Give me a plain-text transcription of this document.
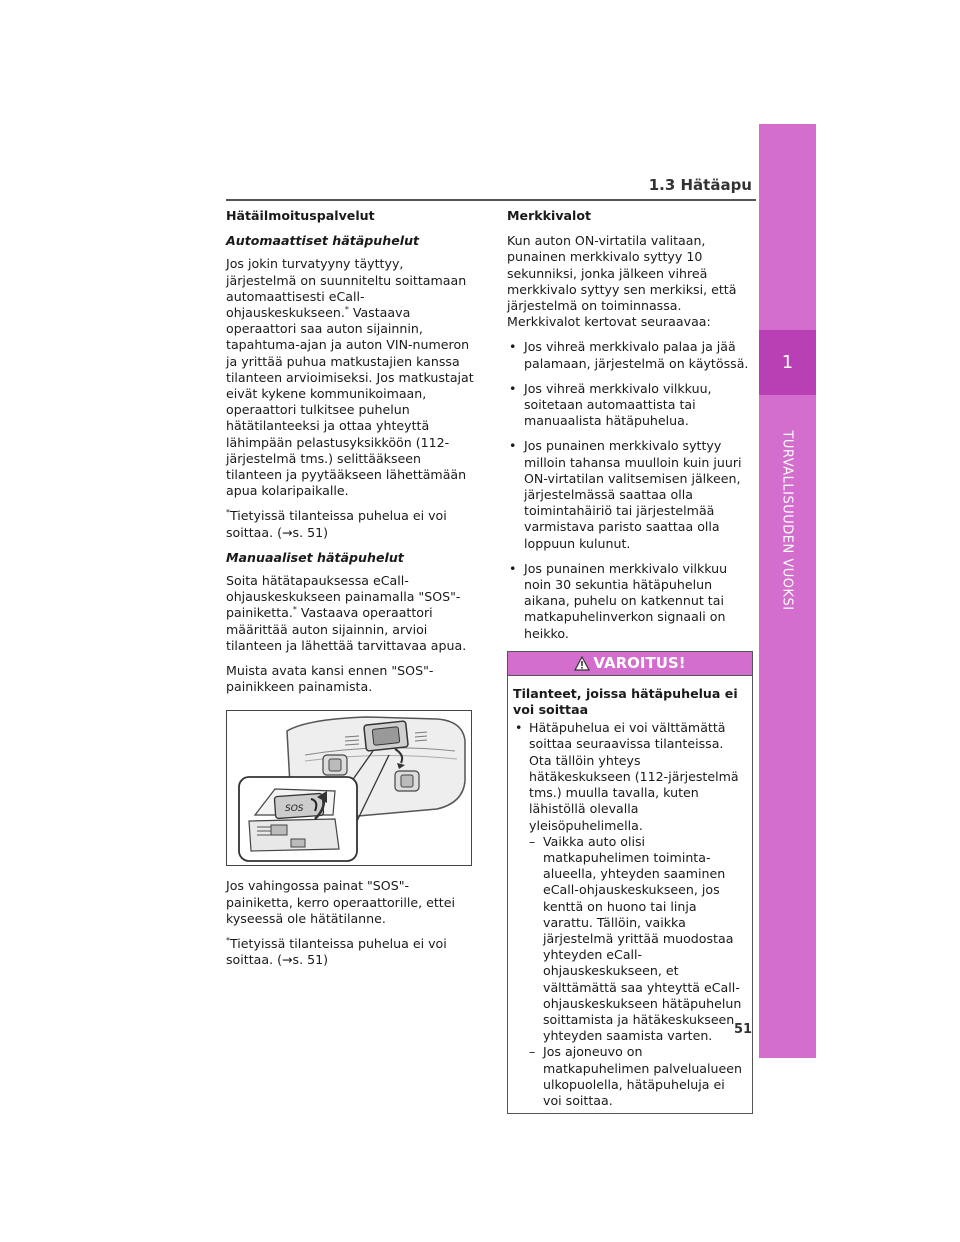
1.3 Hätäapu
1
TURVALLISUUDEN VUOKSI
Hätäilmoituspalvelut
Automaattiset hätäpuhelut

Jos jokin turvatyyny täyttyy, järjestelmä on suunniteltu soittamaan automaattisesti eCall-ohjauskeskukseen.* Vastaava operaattori saa auton sijainnin, tapahtuma-ajan ja auton VIN-numeron ja yrittää puhua matkustajien kanssa tilanteen arvioimiseksi. Jos matkustajat eivät kykene kommunikoimaan, operaattori tulkitsee puhelun hätätilanteeksi ja ottaa yhteyttä lähimpään pelastusyksikköön (112-järjestelmä tms.) selittääkseen tilanteen ja pyytääkseen lähettämään apua kolaripaikalle.

*Tietyissä tilanteissa puhelua ei voi soittaa. (→s. 51)

Manuaaliset hätäpuhelut

Soita hätätapauksessa eCall-ohjauskeskukseen painamalla "SOS"-painiketta.* Vastaava operaattori määrittää auton sijainnin, arvioi tilanteen ja lähettää tarvittavaa apua.

Muista avata kansi ennen "SOS"-painikkeen painamista.

SOS

Jos vahingossa painat "SOS"-painiketta, kerro operaattorille, ettei kyseessä ole hätätilanne.

*Tietyissä tilanteissa puhelua ei voi soittaa. (→s. 51)

Merkkivalot

Kun auton ON-virtatila valitaan, punainen merkkivalo syttyy 10 sekunniksi, jonka jälkeen vihreä merkkivalo syttyy sen merkiksi, että järjestelmä on toiminnassa. Merkkivalot kertovat seuraavaa:

• Jos vihreä merkkivalo palaa ja jää palamaan, järjestelmä on käytössä.
• Jos vihreä merkkivalo vilkkuu, soitetaan automaattista tai manuaalista hätäpuhelua.
• Jos punainen merkkivalo syttyy milloin tahansa muulloin kuin juuri ON-virtatilan valitsemisen jälkeen, järjestelmässä saattaa olla toimintahäiriö tai järjestelmää varmistava paristo saattaa olla loppuun kulunut.
• Jos punainen merkkivalo vilkkuu noin 30 sekuntia hätäpuhelun aikana, puhelu on katkennut tai matkapuhelinverkon signaali on heikko.
VAROITUS!
Tilanteet, joissa hätäpuhelua ei voi soittaa
• Hätäpuhelua ei voi välttämättä soittaa seuraavissa tilanteissa. Ota tällöin yhteys hätäkeskukseen (112-järjestelmä tms.) muulla tavalla, kuten lähistöllä olevalla yleisöpuhelimella.
– Vaikka auto olisi matkapuhelimen toiminta-alueella, yhteyden saaminen eCall-ohjauskeskukseen, jos kenttä on huono tai linja varattu. Tällöin, vaikka järjestelmä yrittää muodostaa yhteyden eCall-ohjauskeskukseen, et välttämättä saa yhteyttä eCall-ohjauskeskukseen hätäpuhelun soittamista ja hätäkeskukseen yhteyden saamista varten.
– Jos ajoneuvo on matkapuhelimen palvelualueen ulkopuolella, hätäpuheluja ei voi soittaa.
51
